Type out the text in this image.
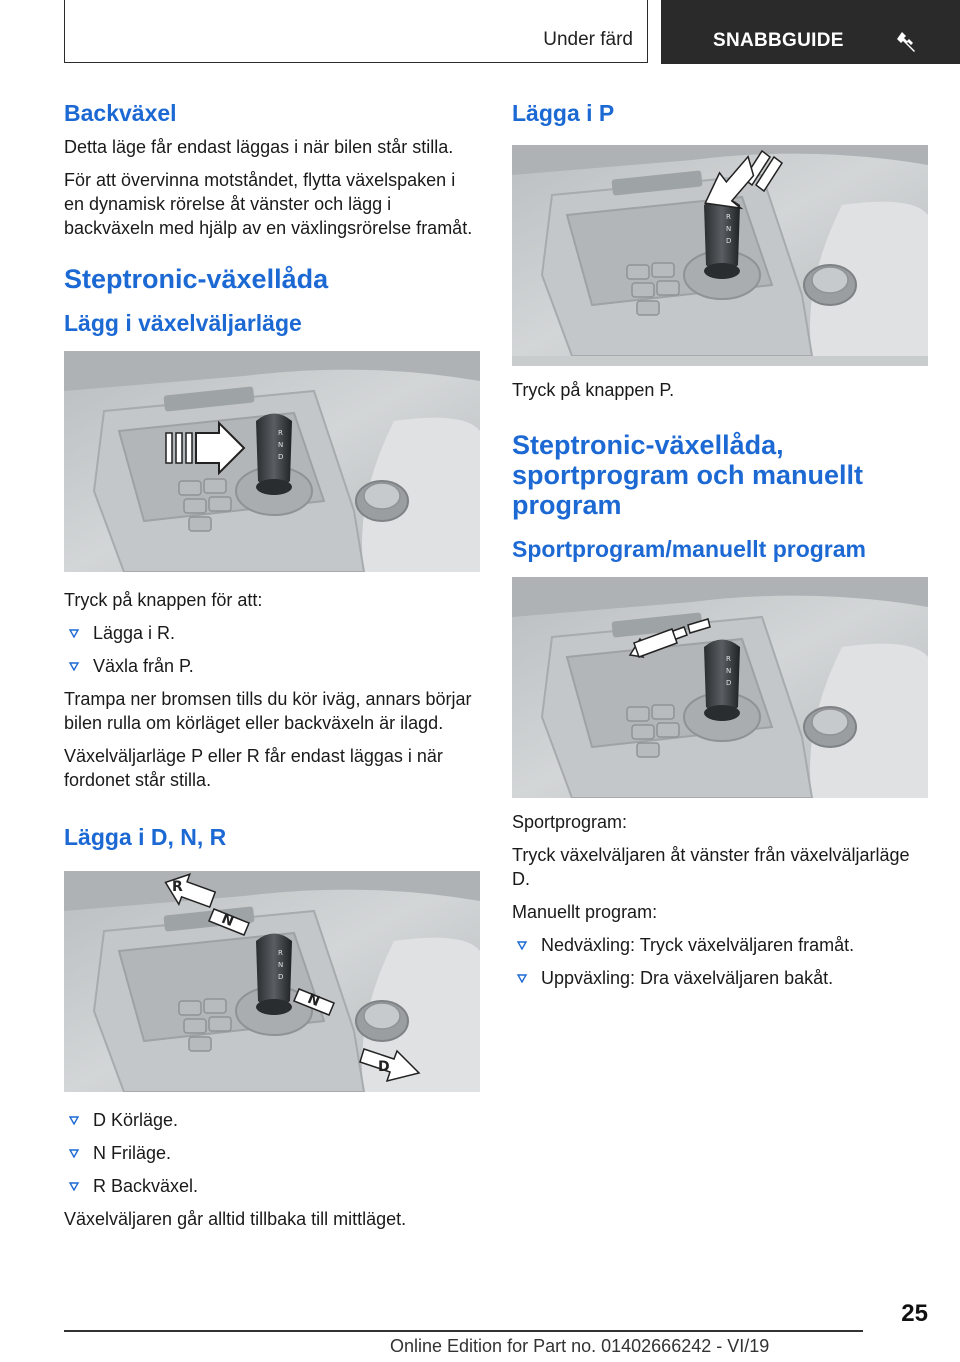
Under färd	SNABBGUIDE
Backväxel

Detta läge får endast läggas i när bilen står stilla.

För att övervinna motståndet, flytta växelspaken i en dynamisk rörelse åt vänster och lägg i backväxeln med hjälp av en växlingsrörelse framåt.

Steptronic-växellåda
Lägg i växelväljarläge

Tryck på knappen för att:

Lägga i R.
Växla från P.

Trampa ner bromsen tills du kör iväg, annars börjar bilen rulla om körläget eller backväxeln är ilagd.

Växelväljarläge P eller R får endast läggas i när fordonet står stilla.

Lägga i D, N, R
R
N
N
D
D Körläge.
N Friläge.
R Backväxel.

Växelväljaren går alltid tillbaka till mittläget.

Lägga i P

Tryck på knappen P.

Steptronic-växellåda, sportprogram och manuellt program
Sportprogram/manuellt program

Sportprogram:

Tryck växelväljaren åt vänster från växelväljarläge D.

Manuellt program:

Nedväxling: Tryck växelväljaren framåt.
Uppväxling: Dra växelväljaren bakåt.
25
Online Edition for Part no. 01402666242 - VI/19
